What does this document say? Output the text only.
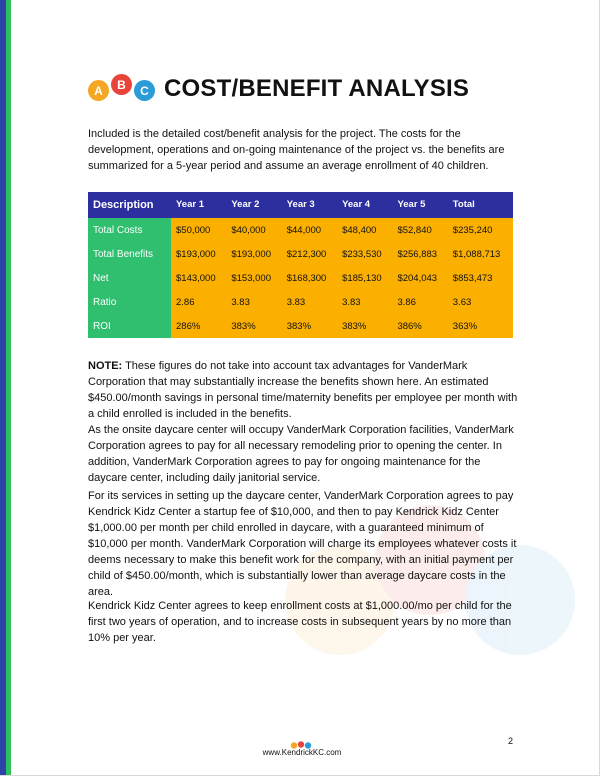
A	B	C COST/BENEFIT ANALYSIS

Included is the detailed cost/benefit analysis for the project. The costs for the development, operations and on-going maintenance of the project vs. the benefits are summarized for a 5-year period and assume an average enrollment of 40 children.

Description	Year 1	Year 2	Year 3	Year 4	Year 5	Total
Total Costs	$50,000	$40,000	$44,000	$48,400	$52,840	$235,240
Total Benefits	$193,000	$193,000	$212,300	$233,530	$256,883	$1,088,713
Net	$143,000	$153,000	$168,300	$185,130	$204,043	$853,473
Ratio	2.86	3.83	3.83	3.83	3.86	3.63
ROI	286%	383%	383%	383%	386%	363%

NOTE: These figures do not take into account tax advantages for VanderMark Corporation that may substantially increase the benefits shown here. An estimated $450.00/month savings in personal time/maternity benefits per employee per month with a child enrolled is included in the benefits.

As the onsite daycare center will occupy VanderMark Corporation facilities, VanderMark Corporation agrees to pay for all necessary remodeling prior to opening the center. In addition, VanderMark Corporation agrees to pay for ongoing maintenance for the daycare center, including daily janitorial service.

For its services in setting up the daycare center, VanderMark Corporation agrees to pay Kendrick Kidz Center a startup fee of $10,000, and then to pay Kendrick Kidz Center $1,000.00 per month per child enrolled in daycare, with a guaranteed minimum of $10,000 per month. VanderMark Corporation will charge its employees whatever costs it deems necessary to make this benefit work for the company, with an initial payment per child of $450.00/month, which is substantially lower than average daycare costs in the area.

Kendrick Kidz Center agrees to keep enrollment costs at $1,000.00/mo per child for the first two years of operation, and to increase costs in subsequent years by no more than 10% per year.

www.KendrickKC.com
2
